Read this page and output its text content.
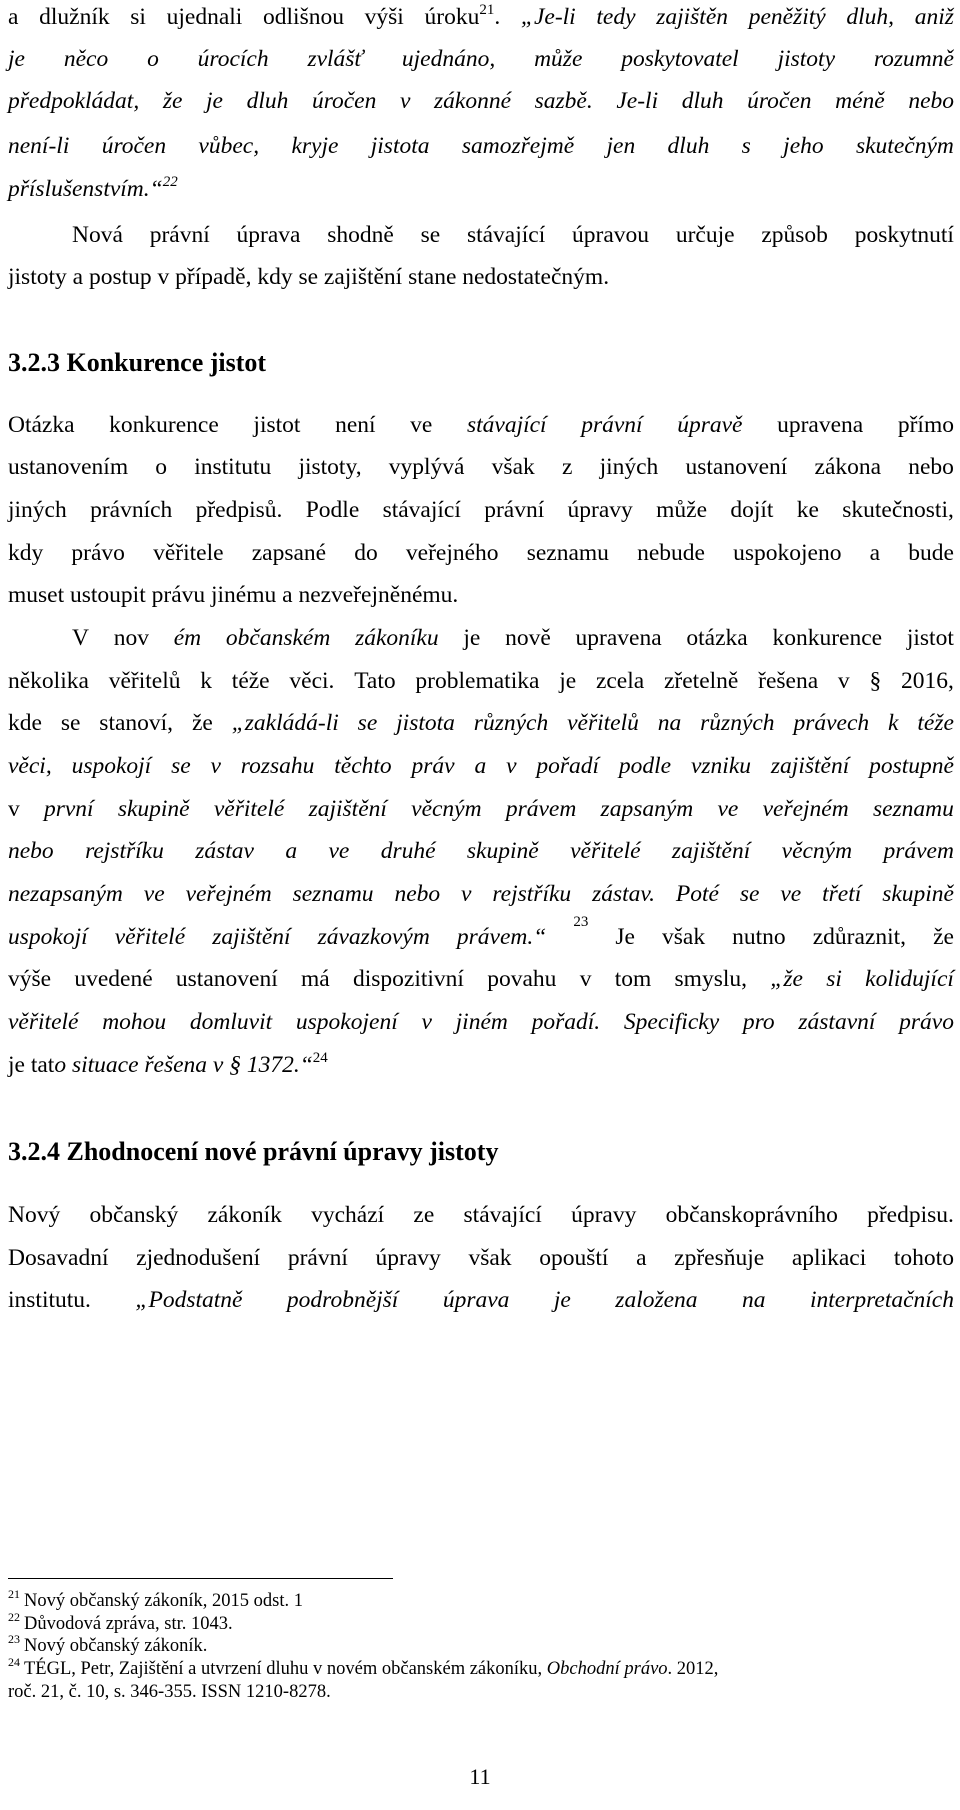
a dlužník si ujednali odlišnou výši úroku$^{21}$. „Je-li tedy zajištěn peněžitý dluh, aniž

je něco o úrocích zvlášť ujednáno, může poskytovatel jistoty rozumně

předpokládat, že je dluh úročen v zákonné sazbě. Je-li dluh úročen méně nebo

není-li úročen vůbec, kryje jistota samozřejmě jen dluh s jeho skutečným

příslušenstvím.“$^{22}$

Nová právní úprava shodně se stávající úpravou určuje způsob poskytnutí

jistoty a postup v případě, kdy se zajištění stane nedostatečným.

3.2.3 Konkurence jistot

Otázka konkurence jistot není ve stávající právní úpravě upravena přímo

ustanovením o institutu jistoty, vyplývá však z jiných ustanovení zákona nebo

jiných právních předpisů. Podle stávající právní úpravy může dojít ke skutečnosti,

kdy právo věřitele zapsané do veřejného seznamu nebude uspokojeno a bude

muset ustoupit právu jinému a nezveřejněnému.

V nov ém občanském zákoníku je nově upravena otázka konkurence jistot

několika věřitelů k téže věci. Tato problematika je zcela zřetelně řešena v § 2016,

kde se stanoví, že „zakládá-li se jistota různých věřitelů na různých právech k téže

věci, uspokojí se v rozsahu těchto práv a v pořadí podle vzniku zajištění postupně

v první skupině věřitelé zajištění věcným právem zapsaným ve veřejném seznamu

nebo rejstříku zástav a ve druhé skupině věřitelé zajištění věcným právem

nezapsaným ve veřejném seznamu nebo v rejstříku zástav. Poté se ve třetí skupině

uspokojí věřitelé zajištění závazkovým právem.“
23
Je však nutno zdůraznit, že

výše uvedené ustanovení má dispozitivní povahu v tom smyslu, „že si kolidující

věřitelé mohou domluvit uspokojení v jiném pořadí. Specificky pro zástavní právo

je tato situace řešena v § 1372.“$^{24}$

3.2.4 Zhodnocení nové právní úpravy jistoty

Nový občanský zákoník vychází ze stávající úpravy občanskoprávního předpisu.

Dosavadní zjednodušení právní úpravy však opouští a zpřesňuje aplikaci tohoto

institutu. „Podstatně podrobnější úprava je založena na interpretačních

$^{21}$ Nový občanský zákoník, 2015 odst. 1

$^{22}$ Důvodová zpráva, str. 1043.

$^{23}$ Nový občanský zákoník.

$^{24}$ TÉGL, Petr, Zajištění a utvrzení dluhu v novém občanském zákoníku, Obchodní právo. 2012,

roč. 21, č. 10, s. 346-355. ISSN 1210-8278.

11
